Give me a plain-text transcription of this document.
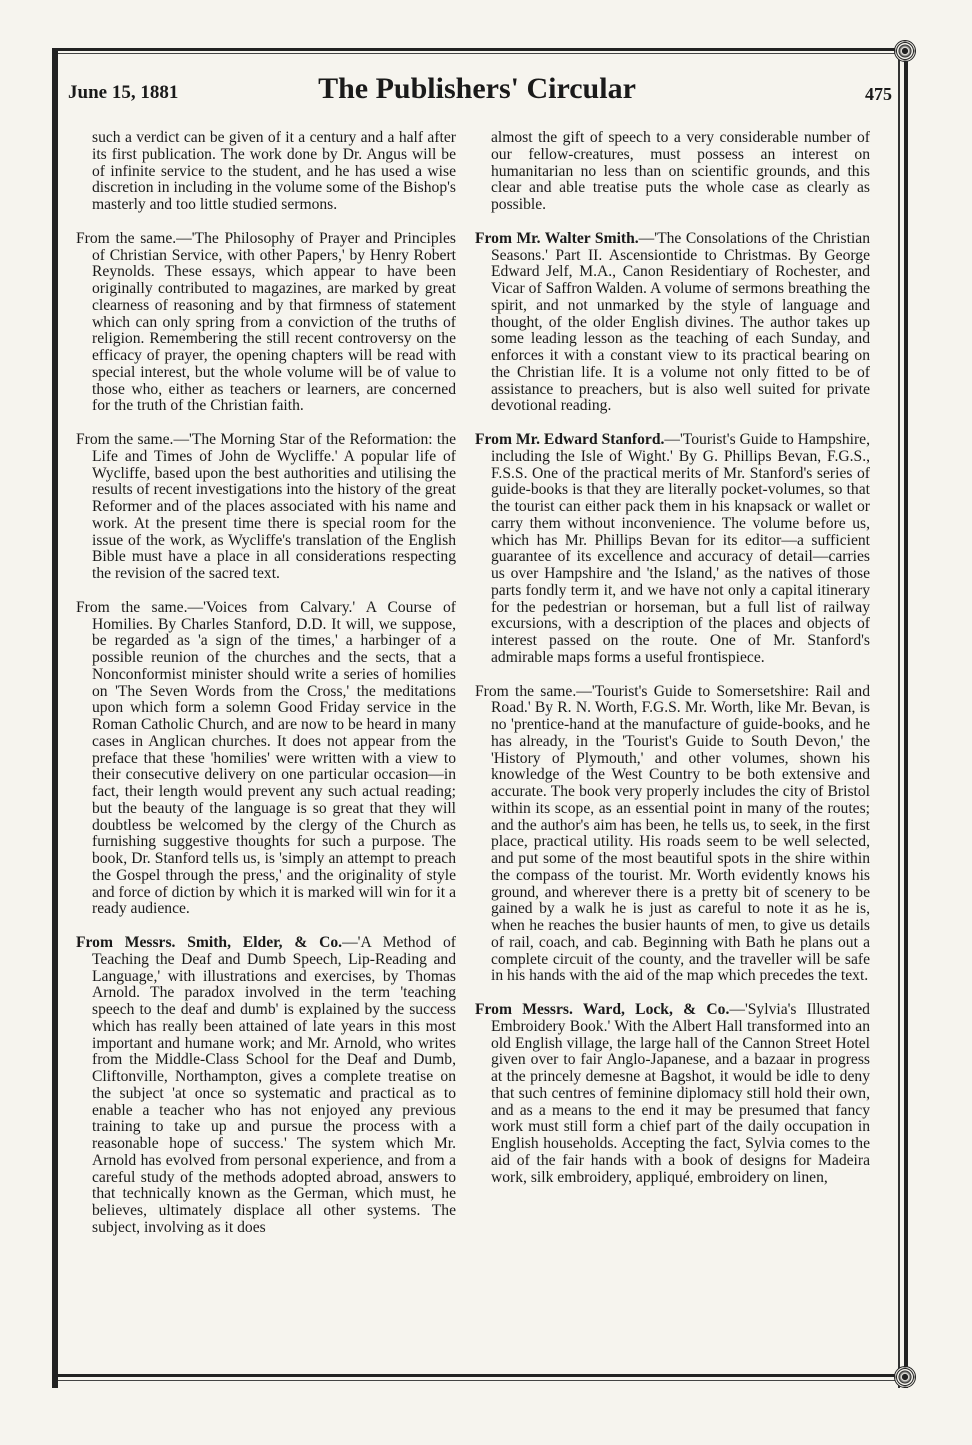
June 15, 1881	The Publishers' Circular	475

such a verdict can be given of it a century and a half after its first publication. The work done by Dr. Angus will be of infinite service to the student, and he has used a wise discretion in including in the volume some of the Bishop's masterly and too little studied sermons.

From the same.—'The Philosophy of Prayer and Principles of Christian Service, with other Papers,' by Henry Robert Reynolds. These essays, which appear to have been originally contributed to magazines, are marked by great clearness of reasoning and by that firmness of statement which can only spring from a conviction of the truths of religion. Remembering the still recent controversy on the efficacy of prayer, the opening chapters will be read with special interest, but the whole volume will be of value to those who, either as teachers or learners, are concerned for the truth of the Christian faith.

From the same.—'The Morning Star of the Reformation: the Life and Times of John de Wycliffe.' A popular life of Wycliffe, based upon the best authorities and utilising the results of recent investigations into the history of the great Reformer and of the places associated with his name and work. At the present time there is special room for the issue of the work, as Wycliffe's translation of the English Bible must have a place in all considerations respecting the revision of the sacred text.

From the same.—'Voices from Calvary.' A Course of Homilies. By Charles Stanford, D.D. It will, we suppose, be regarded as 'a sign of the times,' a harbinger of a possible reunion of the churches and the sects, that a Nonconformist minister should write a series of homilies on 'The Seven Words from the Cross,' the meditations upon which form a solemn Good Friday service in the Roman Catholic Church, and are now to be heard in many cases in Anglican churches. It does not appear from the preface that these 'homilies' were written with a view to their consecutive delivery on one particular occasion—in fact, their length would prevent any such actual reading; but the beauty of the language is so great that they will doubtless be welcomed by the clergy of the Church as furnishing suggestive thoughts for such a purpose. The book, Dr. Stanford tells us, is 'simply an attempt to preach the Gospel through the press,' and the originality of style and force of diction by which it is marked will win for it a ready audience.

From Messrs. Smith, Elder, & Co.—'A Method of Teaching the Deaf and Dumb Speech, Lip-Reading and Language,' with illustrations and exercises, by Thomas Arnold. The paradox involved in the term 'teaching speech to the deaf and dumb' is explained by the success which has really been attained of late years in this most important and humane work; and Mr. Arnold, who writes from the Middle-Class School for the Deaf and Dumb, Cliftonville, Northampton, gives a complete treatise on the subject 'at once so systematic and practical as to enable a teacher who has not enjoyed any previous training to take up and pursue the process with a reasonable hope of success.' The system which Mr. Arnold has evolved from personal experience, and from a careful study of the methods adopted abroad, answers to that technically known as the German, which must, he believes, ultimately displace all other systems. The subject, involving as it does

almost the gift of speech to a very considerable number of our fellow-creatures, must possess an interest on humanitarian no less than on scientific grounds, and this clear and able treatise puts the whole case as clearly as possible.

From Mr. Walter Smith.—'The Consolations of the Christian Seasons.' Part II. Ascensiontide to Christmas. By George Edward Jelf, M.A., Canon Residentiary of Rochester, and Vicar of Saffron Walden. A volume of sermons breathing the spirit, and not unmarked by the style of language and thought, of the older English divines. The author takes up some leading lesson as the teaching of each Sunday, and enforces it with a constant view to its practical bearing on the Christian life. It is a volume not only fitted to be of assistance to preachers, but is also well suited for private devotional reading.

From Mr. Edward Stanford.—'Tourist's Guide to Hampshire, including the Isle of Wight.' By G. Phillips Bevan, F.G.S., F.S.S. One of the practical merits of Mr. Stanford's series of guide-books is that they are literally pocket-volumes, so that the tourist can either pack them in his knapsack or wallet or carry them without inconvenience. The volume before us, which has Mr. Phillips Bevan for its editor—a sufficient guarantee of its excellence and accuracy of detail—carries us over Hampshire and 'the Island,' as the natives of those parts fondly term it, and we have not only a capital itinerary for the pedestrian or horseman, but a full list of railway excursions, with a description of the places and objects of interest passed on the route. One of Mr. Stanford's admirable maps forms a useful frontispiece.

From the same.—'Tourist's Guide to Somersetshire: Rail and Road.' By R. N. Worth, F.G.S. Mr. Worth, like Mr. Bevan, is no 'prentice-hand at the manufacture of guide-books, and he has already, in the 'Tourist's Guide to South Devon,' the 'History of Plymouth,' and other volumes, shown his knowledge of the West Country to be both extensive and accurate. The book very properly includes the city of Bristol within its scope, as an essential point in many of the routes; and the author's aim has been, he tells us, to seek, in the first place, practical utility. His roads seem to be well selected, and put some of the most beautiful spots in the shire within the compass of the tourist. Mr. Worth evidently knows his ground, and wherever there is a pretty bit of scenery to be gained by a walk he is just as careful to note it as he is, when he reaches the busier haunts of men, to give us details of rail, coach, and cab. Beginning with Bath he plans out a complete circuit of the county, and the traveller will be safe in his hands with the aid of the map which precedes the text.

From Messrs. Ward, Lock, & Co.—'Sylvia's Illustrated Embroidery Book.' With the Albert Hall transformed into an old English village, the large hall of the Cannon Street Hotel given over to fair Anglo-Japanese, and a bazaar in progress at the princely demesne at Bagshot, it would be idle to deny that such centres of feminine diplomacy still hold their own, and as a means to the end it may be presumed that fancy work must still form a chief part of the daily occupation in English households. Accepting the fact, Sylvia comes to the aid of the fair hands with a book of designs for Madeira work, silk embroidery, appliqué, embroidery on linen,
